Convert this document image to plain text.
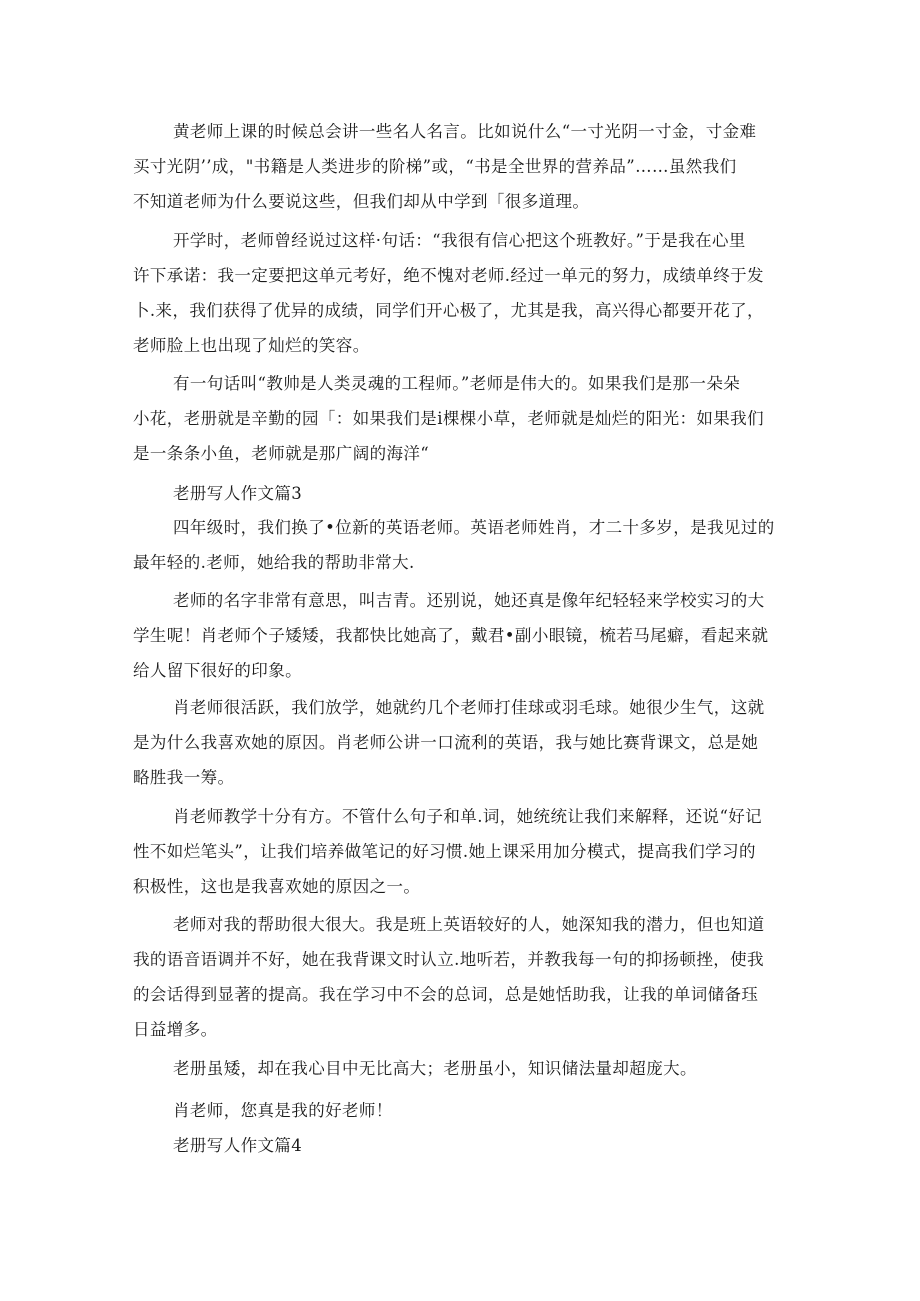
黄老师上课的时候总会讲一些名人名言。比如说什么“一寸光阴一寸金，寸金难
买寸光阴’’成，"书籍是人类进步的阶梯”或，“书是全世界的营养品”……虽然我们
不知道老师为什么要说这些，但我们却从中学到「很多道理。

开学时，老师曾经说过这样·句话：“我很有信心把这个班教好。”于是我在心里
许下承诺：我一定要把这单元考好，绝不愧对老师.经过一单元的努力，成绩单终于发
卜.来，我们获得了优异的成绩，同学们开心极了，尤其是我，高兴得心都要开花了，
老师脸上也出现了灿烂的笑容。

有一句话叫“教帅是人类灵魂的工程师。”老师是伟大的。如果我们是那一朵朵
小花，老册就是辛勤的园「：如果我们是i棵棵小草，老师就是灿烂的阳光：如果我们
是一条条小鱼，老师就是那广阔的海洋“

老册写人作文篇3

四年级时，我们换了•位新的英语老师。英语老师姓肖，才二十多岁，是我见过的
最年轻的.老师，她给我的帮助非常大.

老师的名字非常有意思，叫吉青。还别说，她还真是像年纪轻轻来学校实习的大
学生呢！肖老师个子矮矮，我都快比她高了，戴君•副小眼镜，梳若马尾癖，看起来就
给人留下很好的印象。

肖老师很活跃，我们放学，她就约几个老师打佳球或羽毛球。她很少生气，这就
是为什么我喜欢她的原因。肖老师公讲一口流利的英语，我与她比赛背课文，总是她
略胜我一筹。

肖老师教学十分有方。不管什么句子和单.词，她统统让我们来解释，还说“好记
性不如烂笔头”，让我们培养做笔记的好习惯.她上课采用加分模式，提高我们学习的
积极性，这也是我喜欢她的原因之一。

老师对我的帮助很大很大。我是班上英语较好的人，她深知我的潜力，但也知道
我的语音语调并不好，她在我背课文时认立.地听若，并教我每一句的抑扬顿挫，使我
的会话得到显著的提高。我在学习中不会的总词，总是她恬助我，让我的单词储备珏
日益增多。

老册虽矮，却在我心目中无比高大；老册虽小，知识储法量却超庞大。

肖老师，您真是我的好老师！

老册写人作文篇4
